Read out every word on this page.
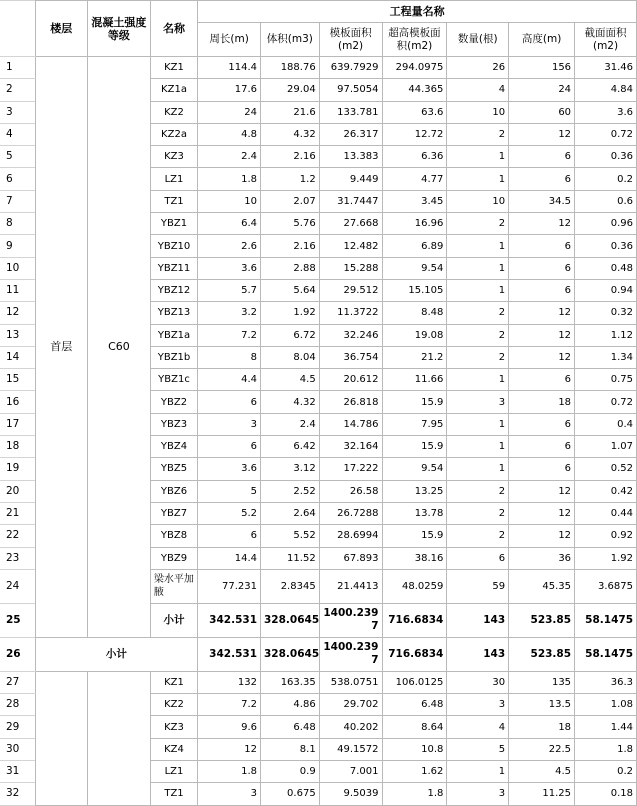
	楼层	混凝土强度等级	名称	工程量名称						
				周长(m)	体积(m3)	模板面积(m2)	超高模板面积(m2)	数量(根)	高度(m)	截面面积(m2)
1	首层	C60	KZ1	114.4	188.76	639.7929	294.0975	26	156	31.46
2			KZ1a	17.6	29.04	97.5054	44.365	4	24	4.84
3			KZ2	24	21.6	133.781	63.6	10	60	3.6
4			KZ2a	4.8	4.32	26.317	12.72	2	12	0.72
5			KZ3	2.4	2.16	13.383	6.36	1	6	0.36
6			LZ1	1.8	1.2	9.449	4.77	1	6	0.2
7			TZ1	10	2.07	31.7447	3.45	10	34.5	0.6
8			YBZ1	6.4	5.76	27.668	16.96	2	12	0.96
9			YBZ10	2.6	2.16	12.482	6.89	1	6	0.36
10			YBZ11	3.6	2.88	15.288	9.54	1	6	0.48
11			YBZ12	5.7	5.64	29.512	15.105	1	6	0.94
12			YBZ13	3.2	1.92	11.3722	8.48	2	12	0.32
13			YBZ1a	7.2	6.72	32.246	19.08	2	12	1.12
14			YBZ1b	8	8.04	36.754	21.2	2	12	1.34
15			YBZ1c	4.4	4.5	20.612	11.66	1	6	0.75
16			YBZ2	6	4.32	26.818	15.9	3	18	0.72
17			YBZ3	3	2.4	14.786	7.95	1	6	0.4
18			YBZ4	6	6.42	32.164	15.9	1	6	1.07
19			YBZ5	3.6	3.12	17.222	9.54	1	6	0.52
20			YBZ6	5	2.52	26.58	13.25	2	12	0.42
21			YBZ7	5.2	2.64	26.7288	13.78	2	12	0.44
22			YBZ8	6	5.52	28.6994	15.9	2	12	0.92
23			YBZ9	14.4	11.52	67.893	38.16	6	36	1.92
24			梁水平加腋	77.231	2.8345	21.4413	48.0259	59	45.35	3.6875
25			小计	342.531	328.0645	1400.2397	716.6834	143	523.85	58.1475
26	小计			342.531	328.0645	1400.2397	716.6834	143	523.85	58.1475
27			KZ1	132	163.35	538.0751	106.0125	30	135	36.3
28			KZ2	7.2	4.86	29.702	6.48	3	13.5	1.08
29			KZ3	9.6	6.48	40.202	8.64	4	18	1.44
30			KZ4	12	8.1	49.1572	10.8	5	22.5	1.8
31			LZ1	1.8	0.9	7.001	1.62	1	4.5	0.2
32			TZ1	3	0.675	9.5039	1.8	3	11.25	0.18
